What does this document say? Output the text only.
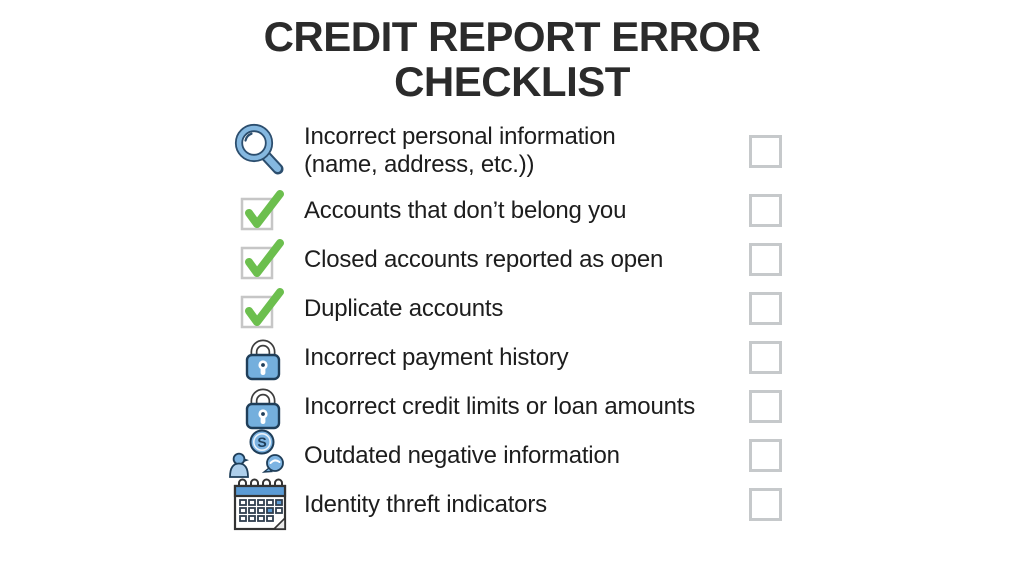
CREDIT REPORT ERROR
CHECKLIST
Incorrect personal information
(name, address, etc.))
Accounts that don’t belong you
Closed accounts reported as open
Duplicate accounts
Incorrect payment history
Incorrect credit limits or loan amounts
S Outdated negative information
Identity threft indicators
